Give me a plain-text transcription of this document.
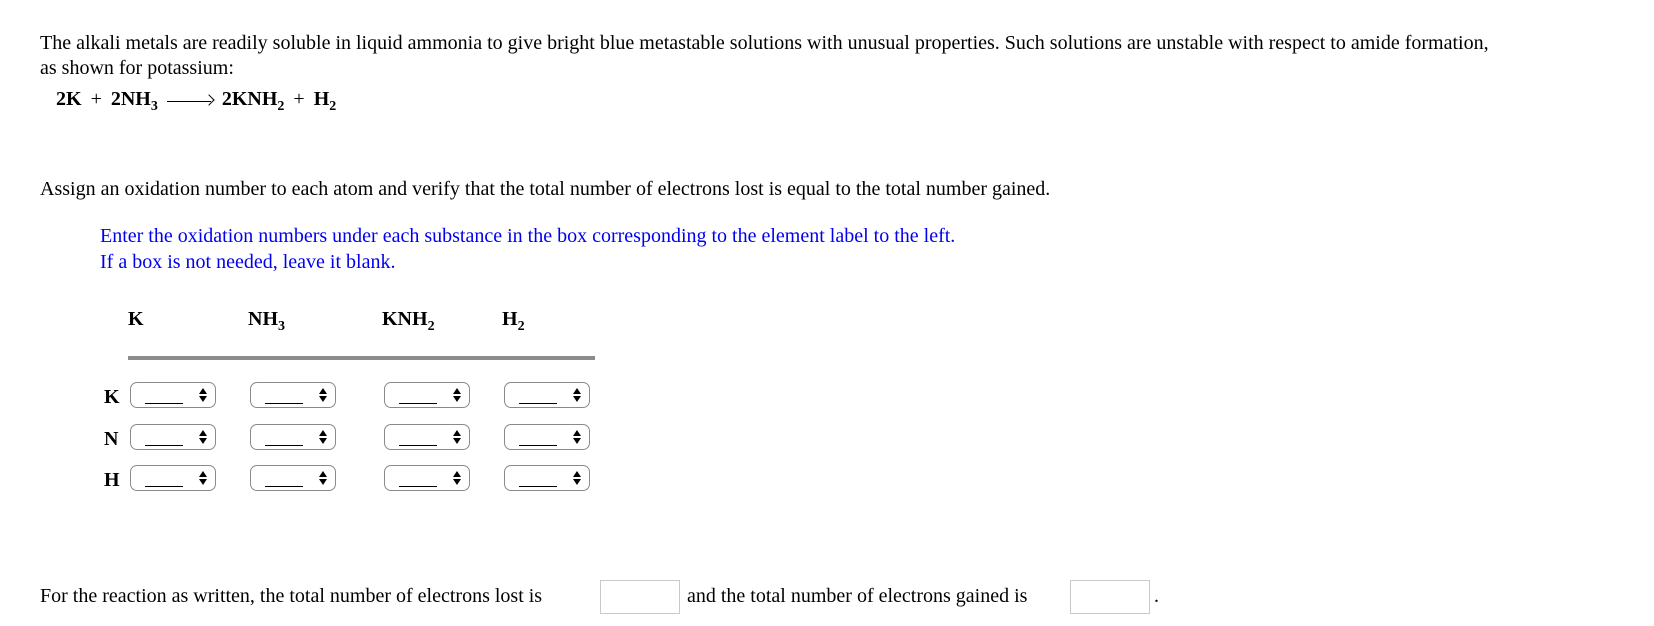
The alkali metals are readily soluble in liquid ammonia to give bright blue metastable solutions with unusual properties. Such solutions are unstable with respect to amide formation, as shown for potassium:
$2K + 2NH_3$	$2KNH_2 + H_2$
Assign an oxidation number to each atom and verify that the total number of electrons lost is equal to the total number gained.
Enter the oxidation numbers under each substance in the box corresponding to the element label to the left.
If a box is not needed, leave it blank.
K	$NH_3$	$KNH_2$	$H_2$
K
N
H
For the reaction as written, the total number of electrons lost is	and the total number of electrons gained is	.
